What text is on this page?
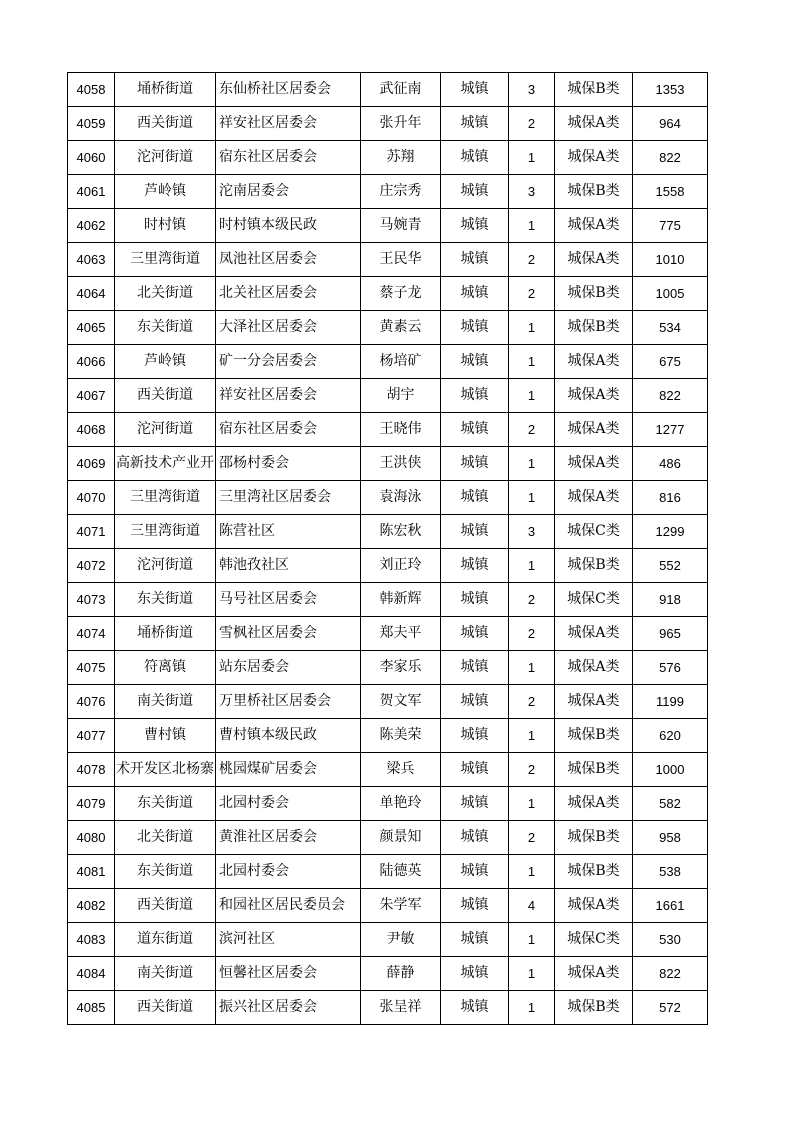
4058	埇桥街道	东仙桥社区居委会	武征南	城镇	3	城保B类	1353
4059	西关街道	祥安社区居委会	张升年	城镇	2	城保A类	964
4060	沱河街道	宿东社区居委会	苏翔	城镇	1	城保A类	822
4061	芦岭镇	沱南居委会	庄宗秀	城镇	3	城保B类	1558
4062	时村镇	时村镇本级民政	马婉青	城镇	1	城保A类	775
4063	三里湾街道	凤池社区居委会	王民华	城镇	2	城保A类	1010
4064	北关街道	北关社区居委会	蔡子龙	城镇	2	城保B类	1005
4065	东关街道	大泽社区居委会	黄素云	城镇	1	城保B类	534
4066	芦岭镇	矿一分会居委会	杨培矿	城镇	1	城保A类	675
4067	西关街道	祥安社区居委会	胡宇	城镇	1	城保A类	822
4068	沱河街道	宿东社区居委会	王晓伟	城镇	2	城保A类	1277
4069	高新技术产业开	邵杨村委会	王洪侠	城镇	1	城保A类	486
4070	三里湾街道	三里湾社区居委会	袁海泳	城镇	1	城保A类	816
4071	三里湾街道	陈营社区	陈宏秋	城镇	3	城保C类	1299
4072	沱河街道	韩池孜社区	刘正玲	城镇	1	城保B类	552
4073	东关街道	马号社区居委会	韩新辉	城镇	2	城保C类	918
4074	埇桥街道	雪枫社区居委会	郑夫平	城镇	2	城保A类	965
4075	符离镇	站东居委会	李家乐	城镇	1	城保A类	576
4076	南关街道	万里桥社区居委会	贺文军	城镇	2	城保A类	1199
4077	曹村镇	曹村镇本级民政	陈美荣	城镇	1	城保B类	620
4078	术开发区北杨寨	桃园煤矿居委会	梁兵	城镇	2	城保B类	1000
4079	东关街道	北园村委会	单艳玲	城镇	1	城保A类	582
4080	北关街道	黄淮社区居委会	颜景知	城镇	2	城保B类	958
4081	东关街道	北园村委会	陆德英	城镇	1	城保B类	538
4082	西关街道	和园社区居民委员会	朱学军	城镇	4	城保A类	1661
4083	道东街道	滨河社区	尹敏	城镇	1	城保C类	530
4084	南关街道	恒馨社区居委会	薛静	城镇	1	城保A类	822
4085	西关街道	振兴社区居委会	张呈祥	城镇	1	城保B类	572
